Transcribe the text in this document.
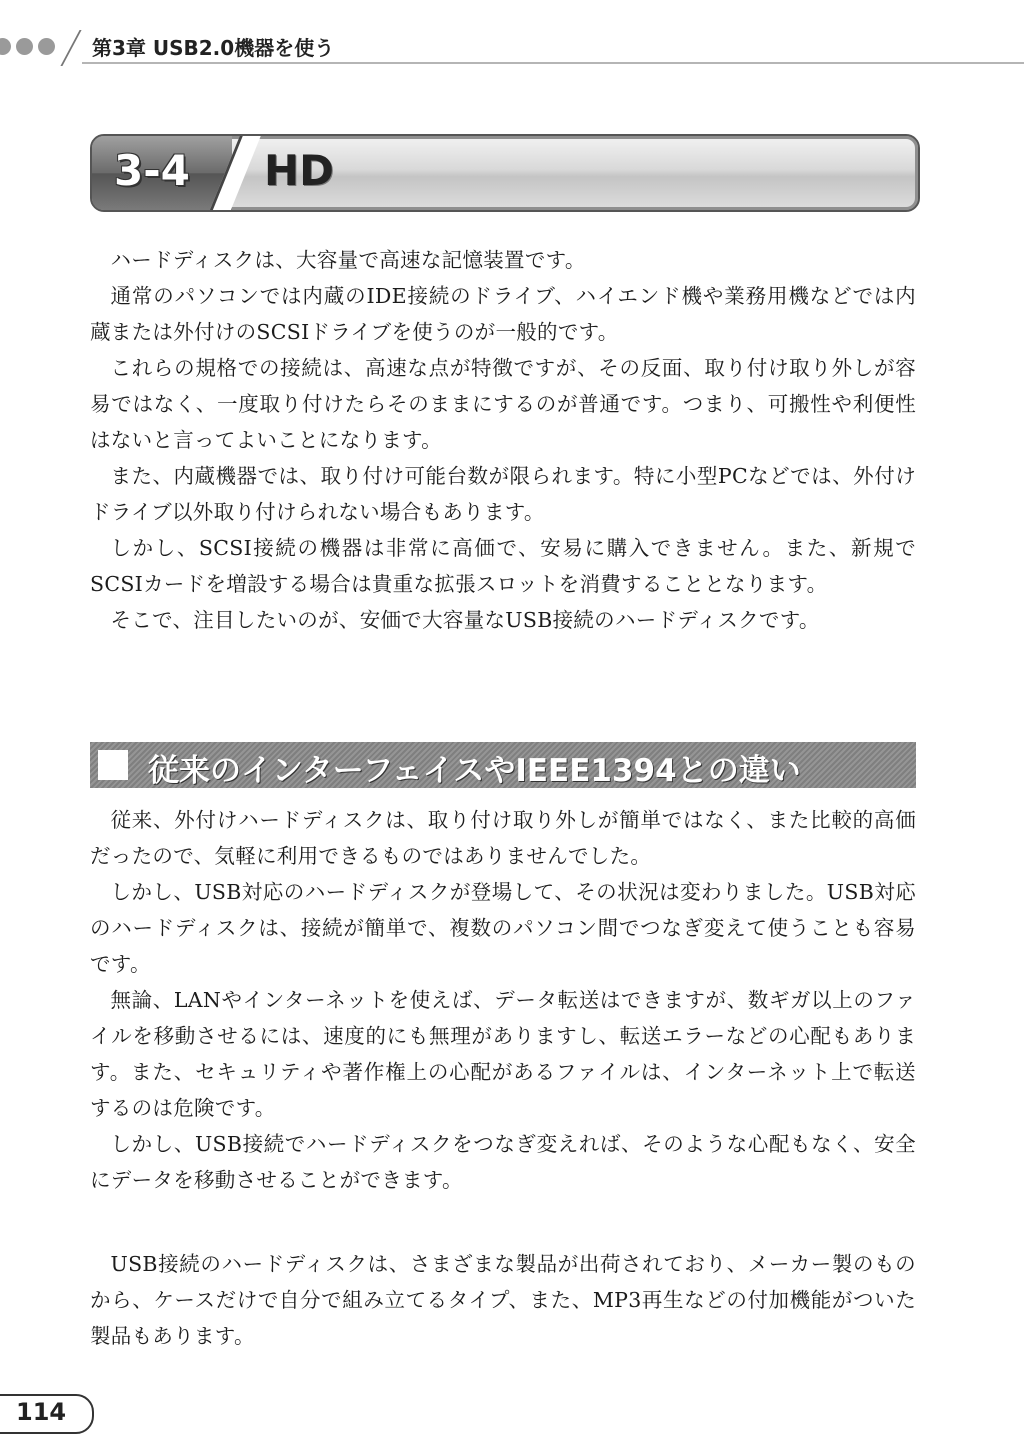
第3章 USB2.0機器を使う
3-4 HD

ハードディスクは、大容量で高速な記憶装置です。

通常のパソコンでは内蔵のIDE接続のドライブ、ハイエンド機や業務用機などでは内蔵または外付けのSCSIドライブを使うのが一般的です。

これらの規格での接続は、高速な点が特徴ですが、その反面、取り付け取り外しが容易ではなく、一度取り付けたらそのままにするのが普通です。つまり、可搬性や利便性はないと言ってよいことになります。

また、内蔵機器では、取り付け可能台数が限られます。特に小型PCなどでは、外付けドライブ以外取り付けられない場合もあります。

しかし、SCSI接続の機器は非常に高価で、安易に購入できません。また、新規でSCSIカードを増設する場合は貴重な拡張スロットを消費することとなります。

そこで、注目したいのが、安価で大容量なUSB接続のハードディスクです。

従来のインターフェイスやIEEE1394との違い

従来、外付けハードディスクは、取り付け取り外しが簡単ではなく、また比較的高価だったので、気軽に利用できるものではありませんでした。

しかし、USB対応のハードディスクが登場して、その状況は変わりました。USB対応のハードディスクは、接続が簡単で、複数のパソコン間でつなぎ変えて使うことも容易です。

無論、LANやインターネットを使えば、データ転送はできますが、数ギガ以上のファイルを移動させるには、速度的にも無理がありますし、転送エラーなどの心配もあります。また、セキュリティや著作権上の心配があるファイルは、インターネット上で転送するのは危険です。

しかし、USB接続でハードディスクをつなぎ変えれば、そのような心配もなく、安全にデータを移動させることができます。

USB接続のハードディスクは、さまざまな製品が出荷されており、メーカー製のものから、ケースだけで自分で組み立てるタイプ、また、MP3再生などの付加機能がついた製品もあります。

114
